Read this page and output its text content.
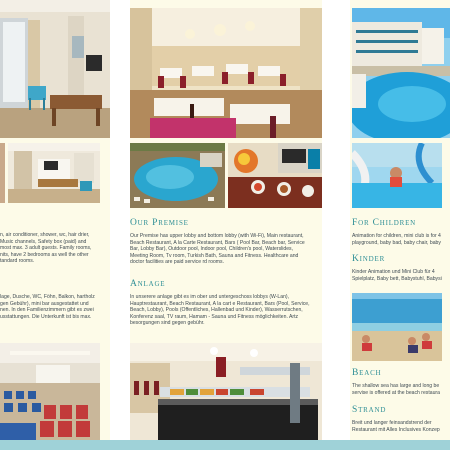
n, air conditioner, shower, wc, hair drier,
Music channels, Safety box (paid) and
most max. 3 adult guests. Family rooms,
nits, have 2 bedrooms as well the other
tandard rooms.
lage, Dusche, WC, Föhn, Balkon, hartholz
gen Gebühr), mini bar ausgestattet und
nen. In den Familienzimmern gibt es zwei
usstattungen. Die Unterkunft ist bis max.
Our Premise
Our Premise has upper lobby and bottom lobby (with Wi-Fi), Main restaurant,
Beach Restaurant, A la Carte Restaurant, Bars ( Pool Bar, Beach bar, Service
Bar, Lobby Bar), Outdoor pool, Indoor pool, Children's pool, Waterslides,
Meeting Room, Tv room, Turkish Bath, Sauna and Fitness. Healthcare and
doctor facilities are paid service rd rooms.
Anlage
In unserere anlage gibt es im ober und untergeschoss lobbys (W-Lan),
Hauptrestaurant, Beach Restaurant, A la cart e Restaurant, Bars (Pool, Service,
Beach, Lobby), Pools (Öffentliches, Hallenbad und Kinder), Wasserrutschen,
Konferenz saal, TV raum, Hamam - Sauna und Fitness möglichkeiten. Artz
besorgungen sind gegen gebühr.
For Children
Animation for children, mini club is for 4
playground, baby bad, baby chair, baby
Kinder
Kinder Animation und Mini Club für 4
Spielplatz, Baby bett, Babystuhl, Babysi
Beach
The shallow sea has large and long be
servise is offered at the beach restaura
Strand
Breit und langer feinsandstrend der
Restaurant mit Alles Inclusives Konzep
